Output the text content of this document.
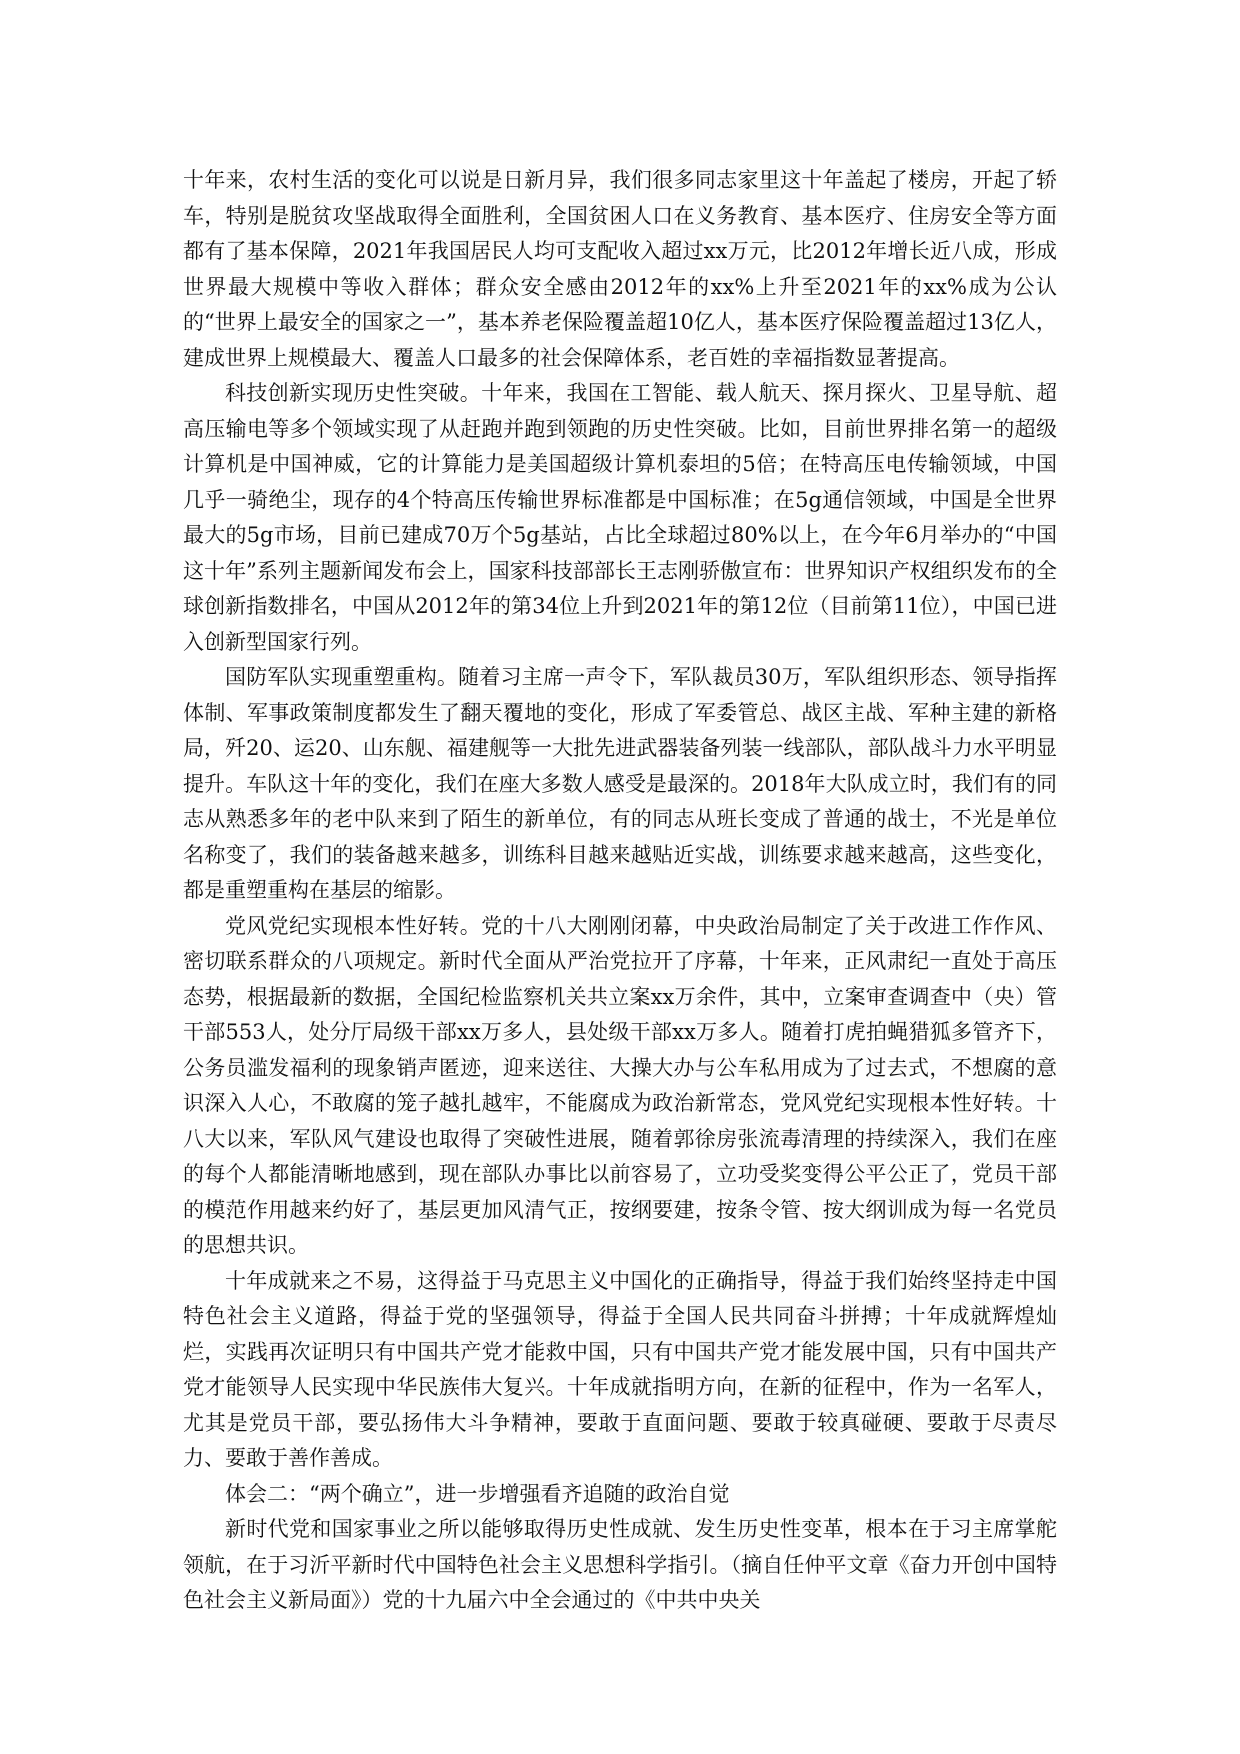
十年来，农村生活的变化可以说是日新月异，我们很多同志家里这十年盖起了楼房，开起了轿车，特别是脱贫攻坚战取得全面胜利，全国贫困人口在义务教育、基本医疗、住房安全等方面都有了基本保障，2021年我国居民人均可支配收入超过xx万元，比2012年增长近八成，形成世界最大规模中等收入群体；群众安全感由2012年的xx%上升至2021年的xx%成为公认的“世界上最安全的国家之一”，基本养老保险覆盖超10亿人，基本医疗保险覆盖超过13亿人，建成世界上规模最大、覆盖人口最多的社会保障体系，老百姓的幸福指数显著提高。

科技创新实现历史性突破。十年来，我国在工智能、载人航天、探月探火、卫星导航、超高压输电等多个领域实现了从赶跑并跑到领跑的历史性突破。比如，目前世界排名第一的超级计算机是中国神威，它的计算能力是美国超级计算机泰坦的5倍；在特高压电传输领域，中国几乎一骑绝尘，现存的4个特高压传输世界标准都是中国标准；在5g通信领域，中国是全世界最大的5g市场，目前已建成70万个5g基站，占比全球超过80%以上，在今年6月举办的“中国这十年”系列主题新闻发布会上，国家科技部部长王志刚骄傲宣布：世界知识产权组织发布的全球创新指数排名，中国从2012年的第34位上升到2021年的第12位（目前第11位），中国已进入创新型国家行列。

国防军队实现重塑重构。随着习主席一声令下，军队裁员30万，军队组织形态、领导指挥体制、军事政策制度都发生了翻天覆地的变化，形成了军委管总、战区主战、军种主建的新格局，歼20、运20、山东舰、福建舰等一大批先进武器装备列装一线部队，部队战斗力水平明显提升。车队这十年的变化，我们在座大多数人感受是最深的。2018年大队成立时，我们有的同志从熟悉多年的老中队来到了陌生的新单位，有的同志从班长变成了普通的战士，不光是单位名称变了，我们的装备越来越多，训练科目越来越贴近实战，训练要求越来越高，这些变化，都是重塑重构在基层的缩影。

党风党纪实现根本性好转。党的十八大刚刚闭幕，中央政治局制定了关于改进工作作风、密切联系群众的八项规定。新时代全面从严治党拉开了序幕，十年来，正风肃纪一直处于高压态势，根据最新的数据，全国纪检监察机关共立案xx万余件，其中，立案审查调查中（央）管干部553人，处分厅局级干部xx万多人，县处级干部xx万多人。随着打虎拍蝇猎狐多管齐下，公务员滥发福利的现象销声匿迹，迎来送往、大操大办与公车私用成为了过去式，不想腐的意识深入人心，不敢腐的笼子越扎越牢，不能腐成为政治新常态，党风党纪实现根本性好转。十八大以来，军队风气建设也取得了突破性进展，随着郭徐房张流毒清理的持续深入，我们在座的每个人都能清晰地感到，现在部队办事比以前容易了，立功受奖变得公平公正了，党员干部的模范作用越来约好了，基层更加风清气正，按纲要建，按条令管、按大纲训成为每一名党员的思想共识。

十年成就来之不易，这得益于马克思主义中国化的正确指导，得益于我们始终坚持走中国特色社会主义道路，得益于党的坚强领导，得益于全国人民共同奋斗拼搏；十年成就辉煌灿烂，实践再次证明只有中国共产党才能救中国，只有中国共产党才能发展中国，只有中国共产党才能领导人民实现中华民族伟大复兴。十年成就指明方向，在新的征程中，作为一名军人，尤其是党员干部，要弘扬伟大斗争精神，要敢于直面问题、要敢于较真碰硬、要敢于尽责尽力、要敢于善作善成。

体会二：“两个确立”，进一步增强看齐追随的政治自觉

新时代党和国家事业之所以能够取得历史性成就、发生历史性变革，根本在于习主席掌舵领航，在于习沂平新时代中国特色社会主义思想科学指引。（摘自任仲平文章《奋力开创中国特色社会主义新局面》）党的十九届六中全会通过的《中共中央关
